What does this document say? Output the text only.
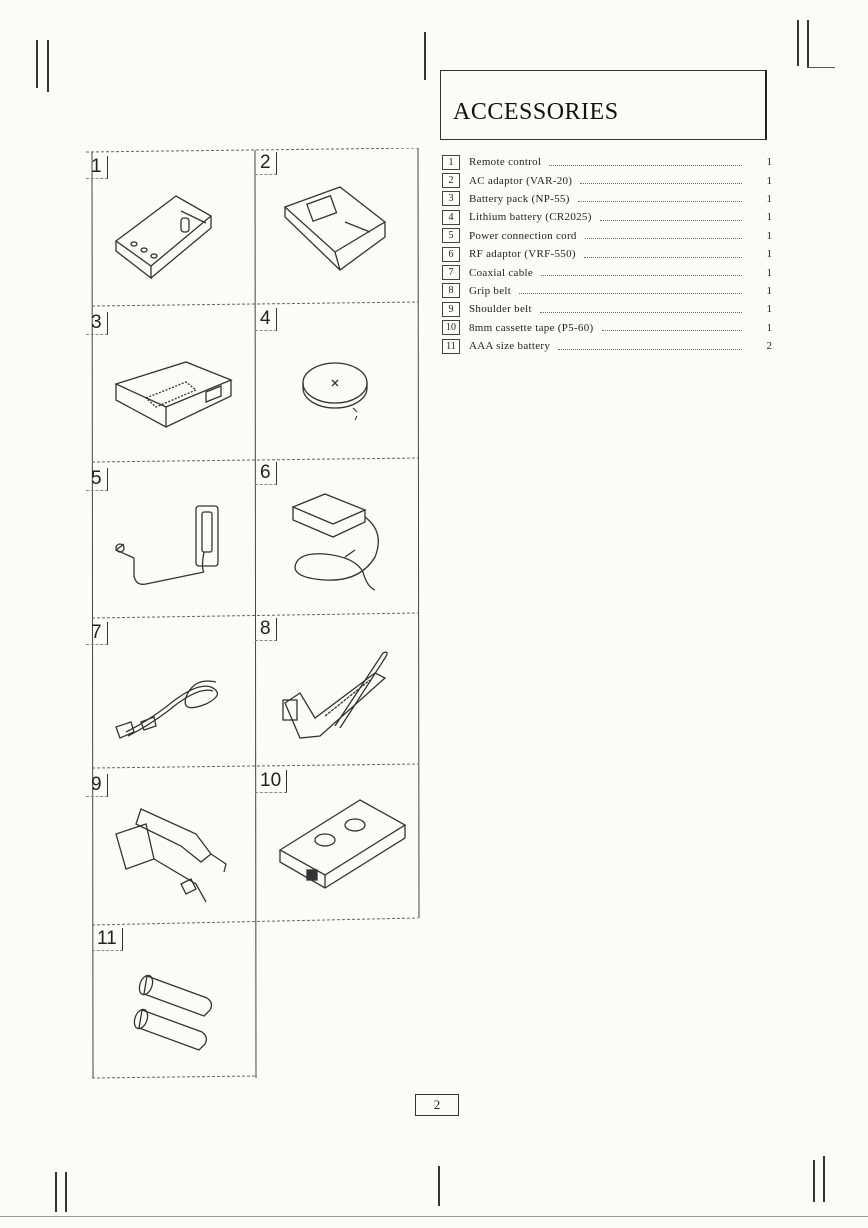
1	2
3	4
5	6
7	8
9	10
11
ACCESSORIES
1	Remote control	1
2	AC adaptor (VAR-20)	1
3	Battery pack (NP-55)	1
4	Lithium battery (CR2025)	1
5	Power connection cord	1
6	RF adaptor (VRF-550)	1
7	Coaxial cable	1
8	Grip belt	1
9	Shoulder belt	1
10	8mm cassette tape (P5-60)	1
11	AAA size battery	2
2
